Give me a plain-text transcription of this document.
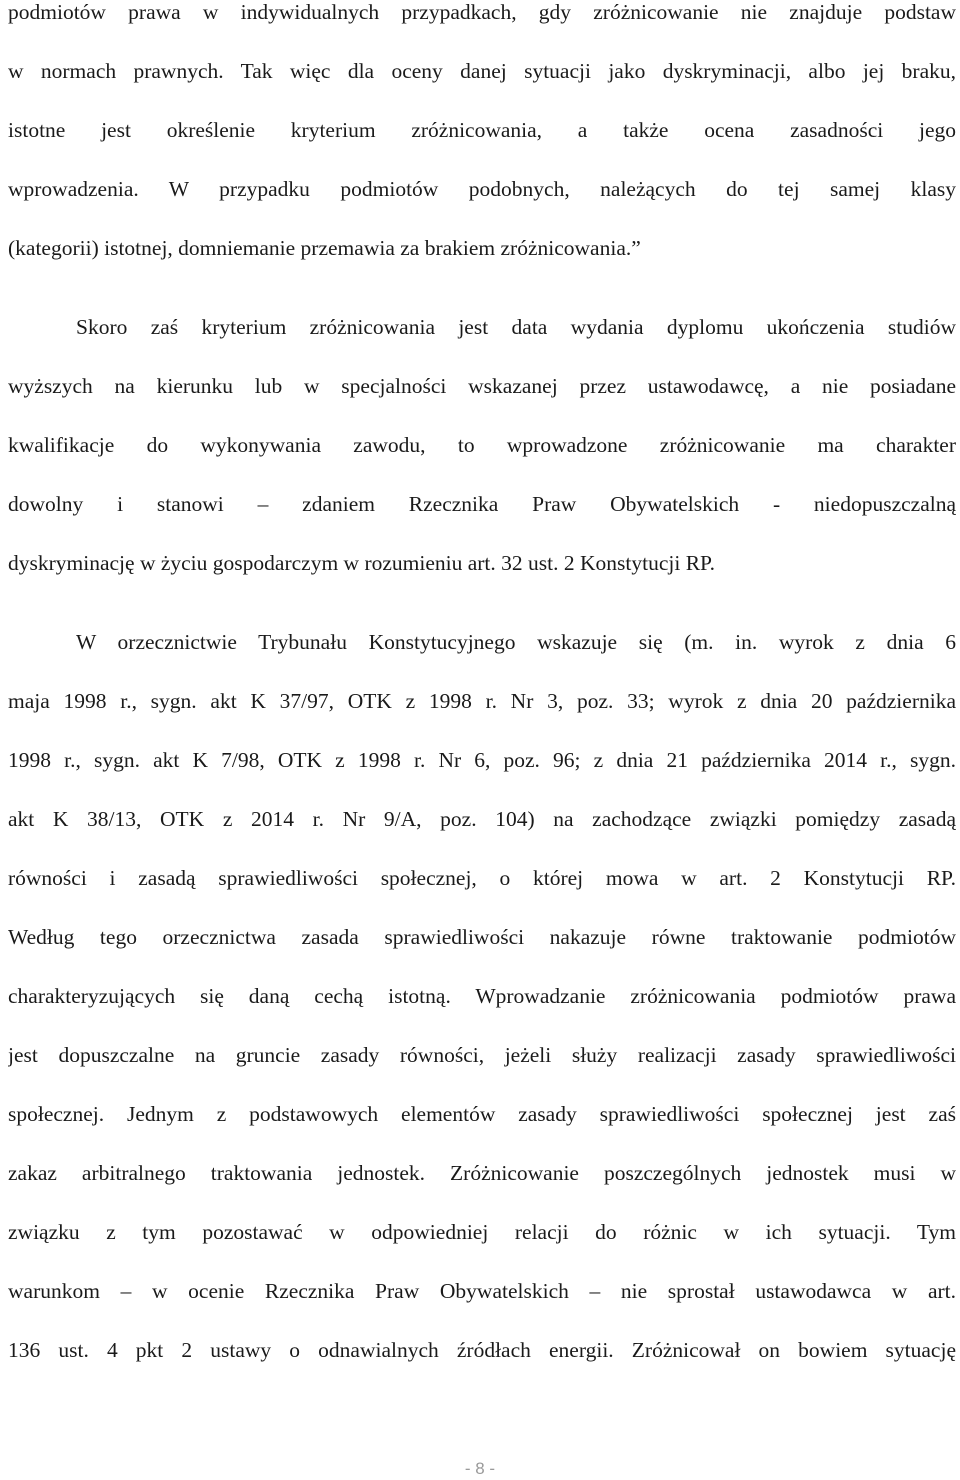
podmiotów prawa w indywidualnych przypadkach, gdy zróżnicowanie nie znajduje podstaw
w normach prawnych. Tak więc dla oceny danej sytuacji jako dyskryminacji, albo jej braku,
istotne jest określenie kryterium zróżnicowania, a także ocena zasadności jego
wprowadzenia. W przypadku podmiotów podobnych, należących do tej samej klasy
(kategorii) istotnej, domniemanie przemawia za brakiem zróżnicowania.”
Skoro zaś kryterium zróżnicowania jest data wydania dyplomu ukończenia studiów
wyższych na kierunku lub w specjalności wskazanej przez ustawodawcę, a nie posiadane
kwalifikacje do wykonywania zawodu, to wprowadzone zróżnicowanie ma charakter
dowolny i stanowi – zdaniem Rzecznika Praw Obywatelskich - niedopuszczalną
dyskryminację w życiu gospodarczym w rozumieniu art. 32 ust. 2 Konstytucji RP.
W orzecznictwie Trybunału Konstytucyjnego wskazuje się (m. in. wyrok z dnia 6
maja 1998 r., sygn. akt K 37/97, OTK z 1998 r. Nr 3, poz. 33; wyrok z dnia 20 października
1998 r., sygn. akt K 7/98, OTK z 1998 r. Nr 6, poz. 96; z dnia 21 października 2014 r., sygn.
akt K 38/13, OTK z 2014 r. Nr 9/A, poz. 104) na zachodzące związki pomiędzy zasadą
równości i zasadą sprawiedliwości społecznej, o której mowa w art. 2 Konstytucji RP.
Według tego orzecznictwa zasada sprawiedliwości nakazuje równe traktowanie podmiotów
charakteryzujących się daną cechą istotną. Wprowadzanie zróżnicowania podmiotów prawa
jest dopuszczalne na gruncie zasady równości, jeżeli służy realizacji zasady sprawiedliwości
społecznej. Jednym z podstawowych elementów zasady sprawiedliwości społecznej jest zaś
zakaz arbitralnego traktowania jednostek. Zróżnicowanie poszczególnych jednostek musi w
związku z tym pozostawać w odpowiedniej relacji do różnic w ich sytuacji. Tym
warunkom – w ocenie Rzecznika Praw Obywatelskich – nie sprostał ustawodawca w art.
136 ust. 4 pkt 2 ustawy o odnawialnych źródłach energii. Zróżnicował on bowiem sytuację
- 8 -
